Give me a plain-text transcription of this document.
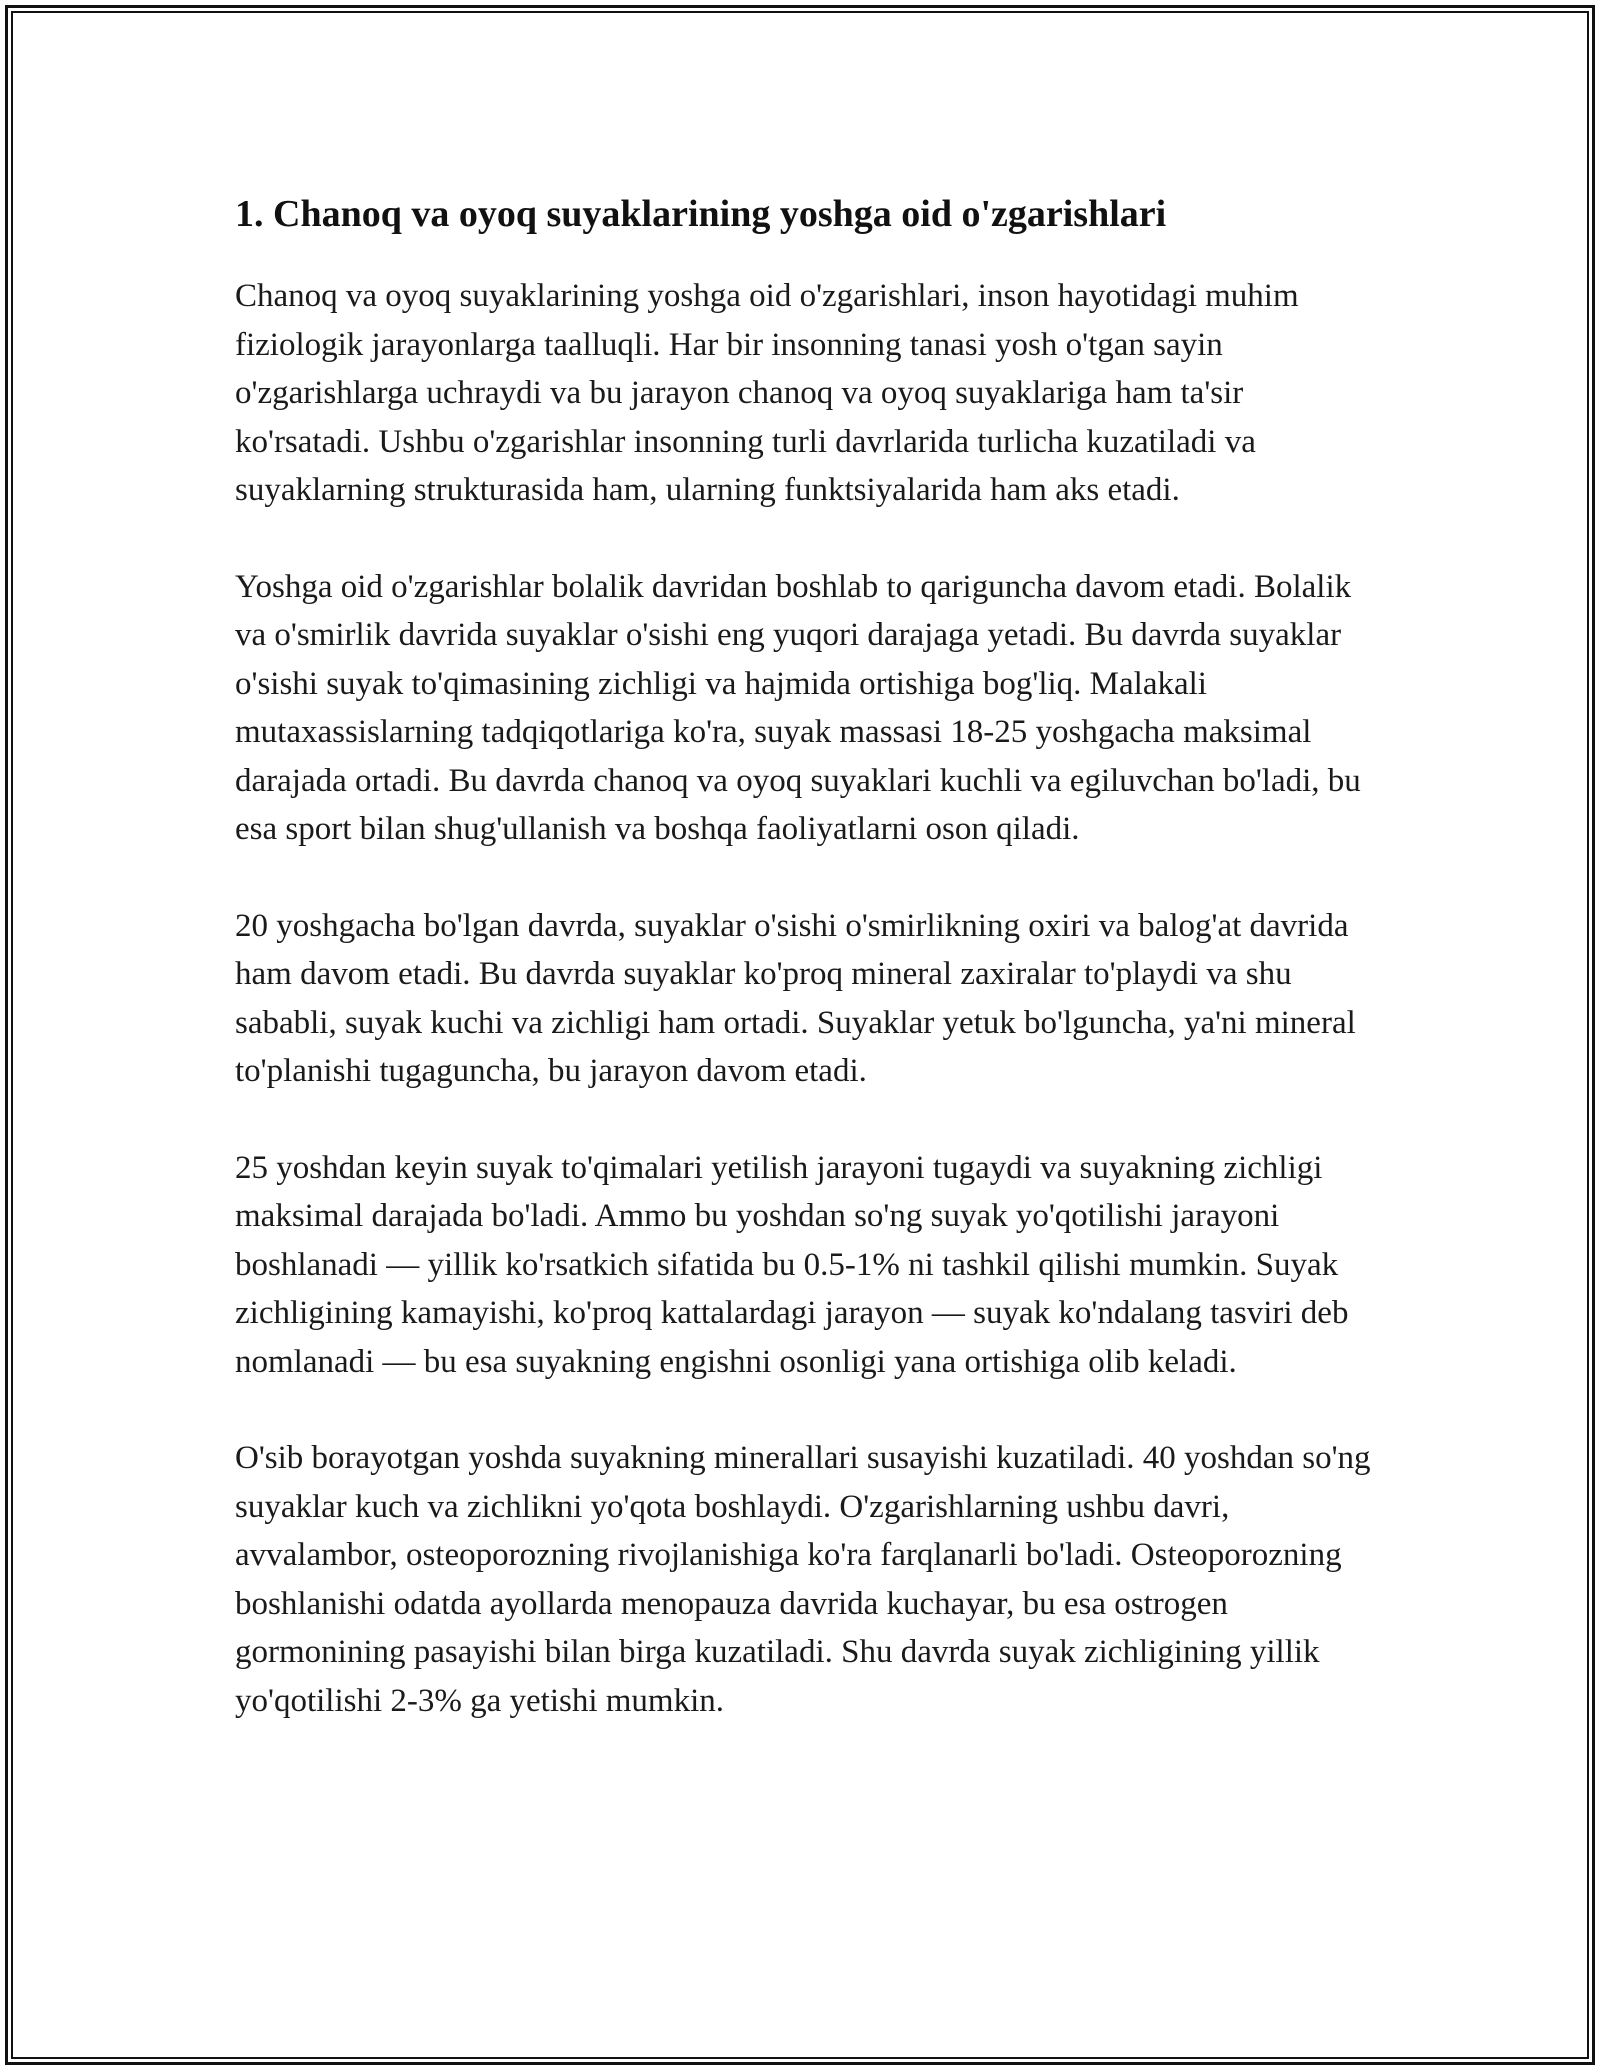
1. Chanoq va oyoq suyaklarining yoshga oid o'zgarishlari

Chanoq va oyoq suyaklarining yoshga oid o'zgarishlari, inson hayotidagi muhim fiziologik jarayonlarga taalluqli. Har bir insonning tanasi yosh o'tgan sayin o'zgarishlarga uchraydi va bu jarayon chanoq va oyoq suyaklariga ham ta'sir ko'rsatadi. Ushbu o'zgarishlar insonning turli davrlarida turlicha kuzatiladi va suyaklarning strukturasida ham, ularning funktsiyalarida ham aks etadi.

Yoshga oid o'zgarishlar bolalik davridan boshlab to qariguncha davom etadi. Bolalik va o'smirlik davrida suyaklar o'sishi eng yuqori darajaga yetadi. Bu davrda suyaklar o'sishi suyak to'qimasining zichligi va hajmida ortishiga bog'liq. Malakali mutaxassislarning tadqiqotlariga ko'ra, suyak massasi 18-25 yoshgacha maksimal darajada ortadi. Bu davrda chanoq va oyoq suyaklari kuchli va egiluvchan bo'ladi, bu esa sport bilan shug'ullanish va boshqa faoliyatlarni oson qiladi.

20 yoshgacha bo'lgan davrda, suyaklar o'sishi o'smirlikning oxiri va balog'at davrida ham davom etadi. Bu davrda suyaklar ko'proq mineral zaxiralar to'playdi va shu sababli, suyak kuchi va zichligi ham ortadi. Suyaklar yetuk bo'lguncha, ya'ni mineral to'planishi tugaguncha, bu jarayon davom etadi.

25 yoshdan keyin suyak to'qimalari yetilish jarayoni tugaydi va suyakning zichligi maksimal darajada bo'ladi. Ammo bu yoshdan so'ng suyak yo'qotilishi jarayoni boshlanadi — yillik ko'rsatkich sifatida bu 0.5-1% ni tashkil qilishi mumkin. Suyak zichligining kamayishi, ko'proq kattalardagi jarayon — suyak ko'ndalang tasviri deb nomlanadi — bu esa suyakning engishni osonligi yana ortishiga olib keladi.

O'sib borayotgan yoshda suyakning minerallari susayishi kuzatiladi. 40 yoshdan so'ng suyaklar kuch va zichlikni yo'qota boshlaydi. O'zgarishlarning ushbu davri, avvalambor, osteoporozning rivojlanishiga ko'ra farqlanarli bo'ladi. Osteoporozning boshlanishi odatda ayollarda menopauza davrida kuchayar, bu esa ostrogen gormonining pasayishi bilan birga kuzatiladi. Shu davrda suyak zichligining yillik yo'qotilishi 2-3% ga yetishi mumkin.
